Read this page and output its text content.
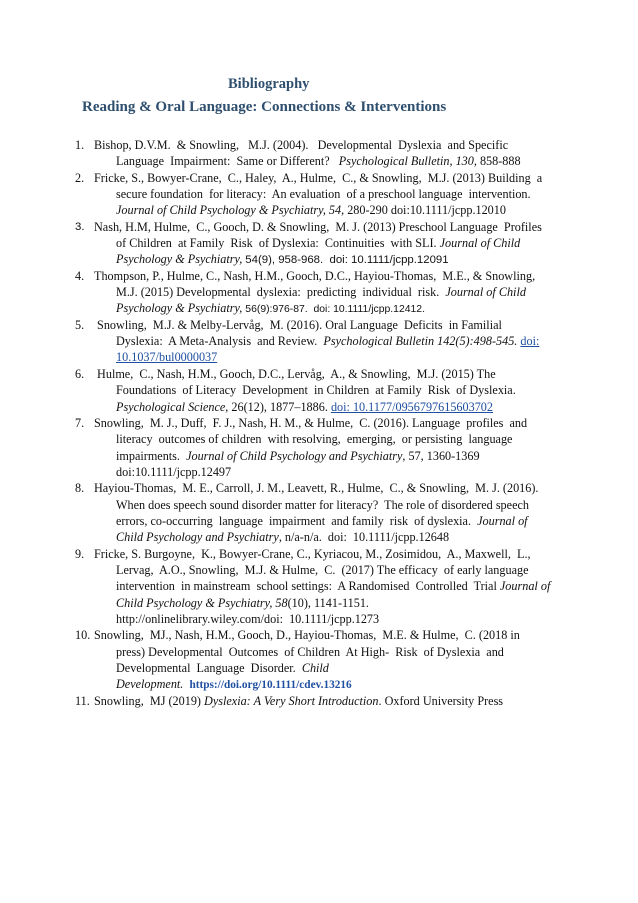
Bibliography
Reading & Oral Language: Connections & Interventions
1. Bishop, D.V.M.  & Snowling,   M.J. (2004).   Developmental  Dyslexia  and Specific
Language  Impairment:  Same or Different?   Psychological Bulletin, 130, 858-888
2. Fricke, S., Bowyer-Crane,  C., Haley,  A., Hulme,  C., & Snowling,  M.J. (2013) Building  a
secure foundation  for literacy:  An evaluation  of a preschool language  intervention.
Journal of Child Psychology & Psychiatry, 54, 280-290 doi:10.1111/jcpp.12010
3. Nash, H.M, Hulme,  C., Gooch, D. & Snowling,  M. J. (2013) Preschool Language  Profiles
of Children  at Family  Risk  of Dyslexia:  Continuities  with SLI. Journal of Child
Psychology & Psychiatry, 54(9), 958-968.  doi: 10.1111/jcpp.12091
4. Thompson, P., Hulme, C., Nash, H.M., Gooch, D.C., Hayiou-Thomas,  M.E., & Snowling,
M.J. (2015) Developmental  dyslexia:  predicting  individual  risk.  Journal of Child
Psychology & Psychiatry, 56(9):976-87.  doi: 10.1111/jcpp.12412.
5. Snowling,  M.J. & Melby-Lervåg,  M. (2016). Oral Language  Deficits  in Familial
Dyslexia:  A Meta-Analysis  and Review.  Psychological Bulletin 142(5):498-545. doi:
10.1037/bul0000037
6. Hulme,  C., Nash, H.M., Gooch, D.C., Lervåg,  A., & Snowling,  M.J. (2015) The
Foundations  of Literacy  Development  in Children  at Family  Risk  of Dyslexia.
Psychological Science, 26(12), 1877–1886. doi: 10.1177/0956797615603702
7. Snowling,  M. J., Duff,  F. J., Nash, H. M., & Hulme,  C. (2016). Language  profiles  and
literacy  outcomes of children  with resolving,  emerging,  or persisting  language
impairments.  Journal of Child Psychology and Psychiatry, 57, 1360-1369
doi:10.1111/jcpp.12497
8. Hayiou-Thomas,  M. E., Carroll, J. M., Leavett, R., Hulme,  C., & Snowling,  M. J. (2016).
When does speech sound disorder matter for literacy?  The role of disordered speech
errors, co-occurring  language  impairment  and family  risk  of dyslexia.  Journal of
Child Psychology and Psychiatry, n/a-n/a.  doi:  10.1111/jcpp.12648
9. Fricke, S. Burgoyne,  K., Bowyer-Crane, C., Kyriacou, M., Zosimidou,  A., Maxwell,  L.,
Lervag,  A.O., Snowling,  M.J. & Hulme,  C.  (2017) The efficacy  of early language
intervention  in mainstream  school settings:  A Randomised  Controlled  Trial Journal of
Child Psychology & Psychiatry, 58(10), 1141-1151.
http://onlinelibrary.wiley.com/doi:  10.1111/jcpp.1273
10. Snowling,  MJ., Nash, H.M., Gooch, D., Hayiou-Thomas,  M.E. & Hulme,  C. (2018 in
press) Developmental  Outcomes  of Children  At High-  Risk  of Dyslexia  and
Developmental  Language  Disorder.  Child
Development. https://doi.org/10.1111/cdev.13216
11. Snowling,  MJ (2019) Dyslexia: A Very Short Introduction. Oxford University Press
